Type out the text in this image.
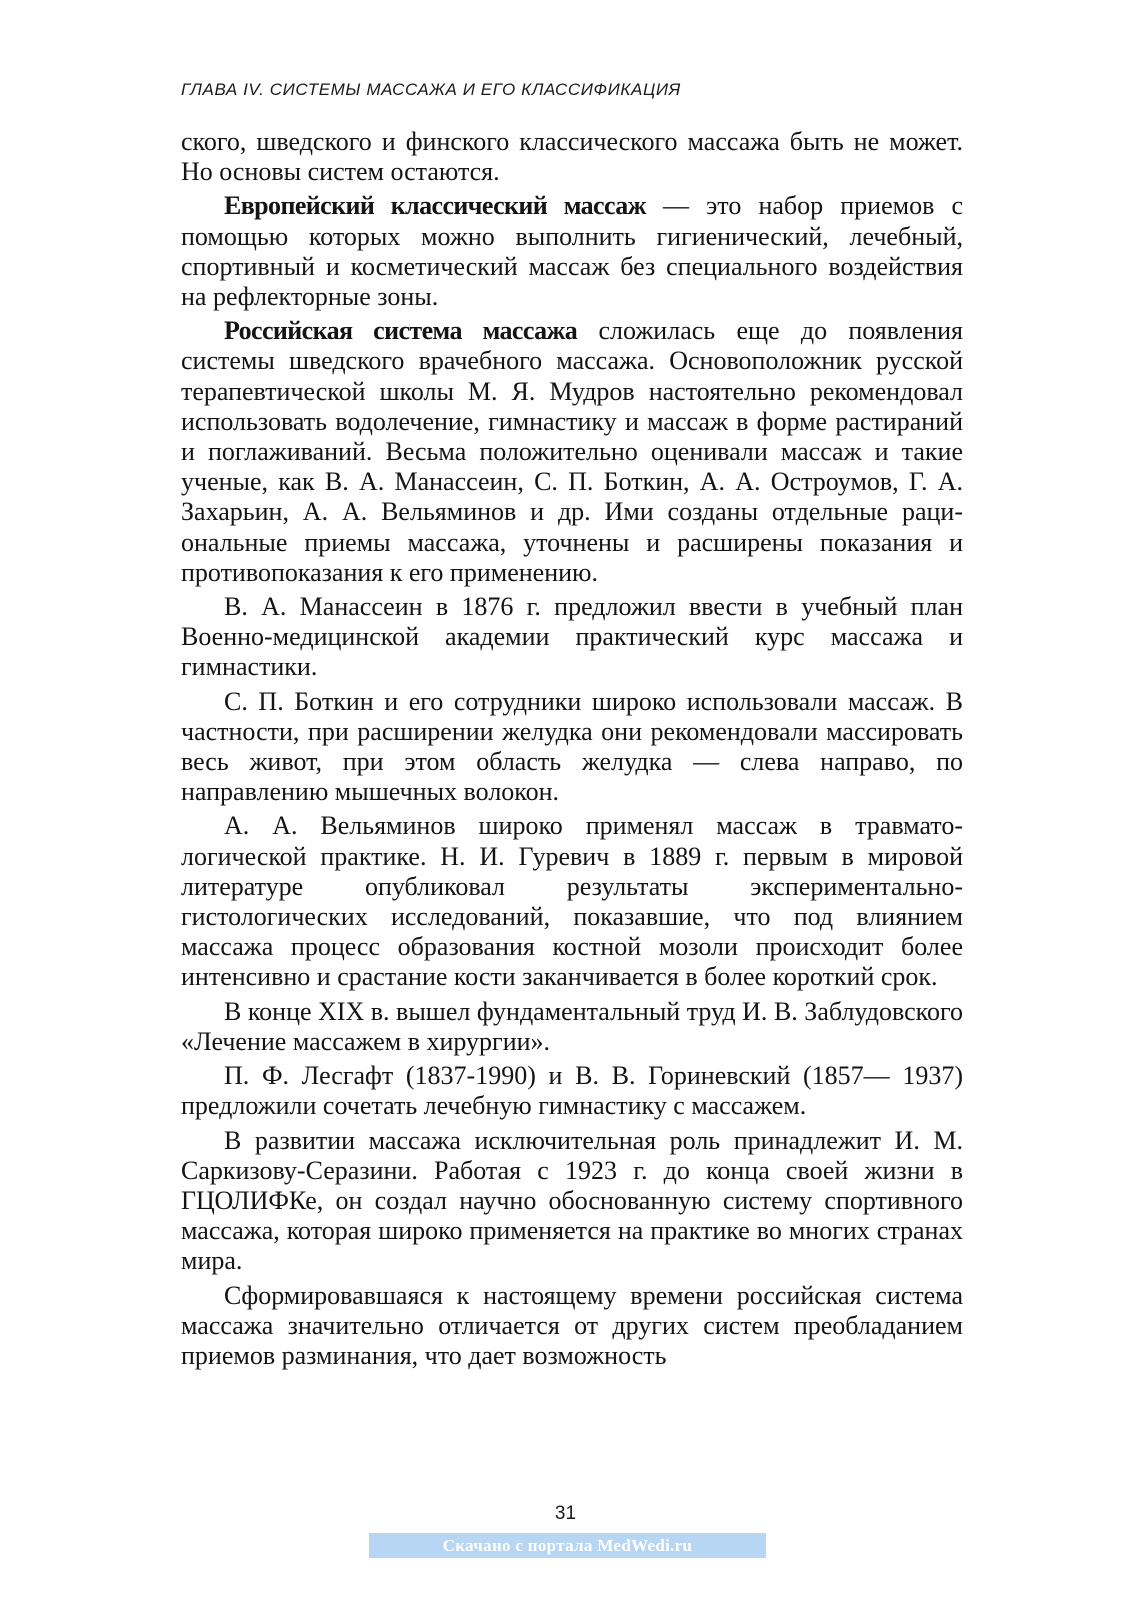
ГЛАВА IV. СИСТЕМЫ МАССАЖА И ЕГО КЛАССИФИКАЦИЯ

ского, шведского и финского классического массажа быть не может. Но основы систем остаются.

Европейский классический массаж — это набор приемов с помощью которых можно выполнить гигиенический, лечебный, спортивный и косметический массаж без специального воздействия на рефлекторные зоны.

Российская система массажа сложилась еще до появления системы шведского врачебного массажа. Основоположник русской терапевтической школы М. Я. Мудров настоятельно рекомендовал использовать водолечение, гимнастику и массаж в форме растираний и поглаживаний. Весьма положительно оценивали массаж и такие ученые, как В. А. Манассеин, С. П. Боткин, А. А. Остроумов, Г. А. Захарьин, А. А. Вельяминов и др. Ими созданы отдельные рациональные приемы массажа, уточнены и расширены показания и противопоказания к его применению.

В. А. Манассеин в 1876 г. предложил ввести в учебный план Военно-медицинской академии практический курс массажа и гимнастики.

С. П. Боткин и его сотрудники широко использовали массаж. В частности, при расширении желудка они рекомендовали массировать весь живот, при этом область желудка — слева направо, по направлению мышечных волокон.

А. А. Вельяминов широко применял массаж в травматологической практике. Н. И. Гуревич в 1889 г. первым в мировой литературе опубликовал результаты экспериментально-гистологических исследований, показавшие, что под влиянием массажа процесс образования костной мозоли происходит более интенсивно и срастание кости заканчивается в более короткий срок.

В конце XIX в. вышел фундаментальный труд И. В. Заблудовского «Лечение массажем в хирургии».

П. Ф. Лесгафт (1837-1990) и В. В. Гориневский (1857— 1937) предложили сочетать лечебную гимнастику с массажем.

В развитии массажа исключительная роль принадлежит И. М. Саркизову-Серазини. Работая с 1923 г. до конца своей жизни в ГЦОЛИФКе, он создал научно обоснованную систему спортивного массажа, которая широко применяется на практике во многих странах мира.

Сформировавшаяся к настоящему времени российская система массажа значительно отличается от других систем преобладанием приемов разминания, что дает возможность

31
Скачано с портала MedWedi.ru
